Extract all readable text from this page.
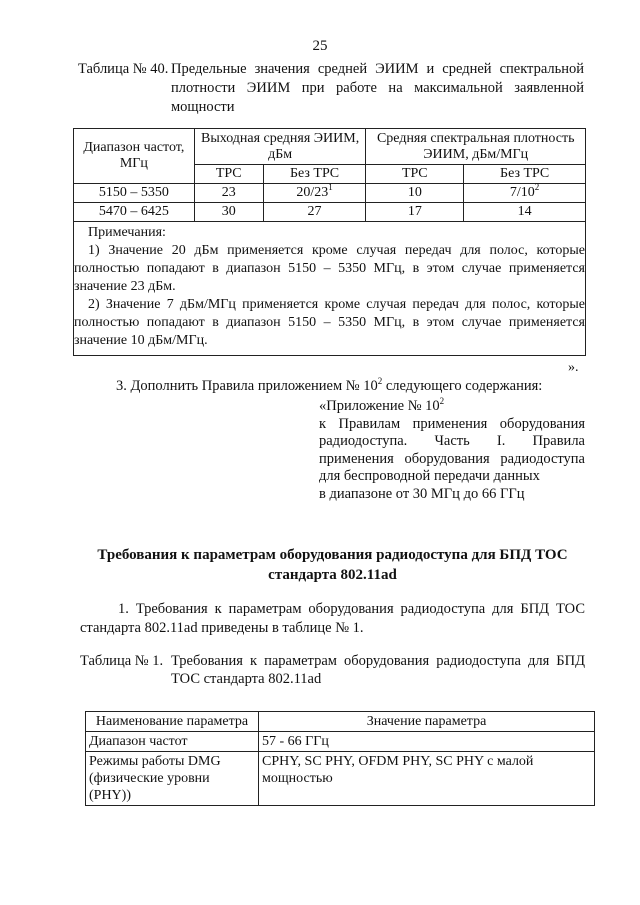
25
Таблица № 40. Предельные значения средней ЭИИМ и средней спектральной плотности ЭИИМ при работе на максимальной заявленной мощности
Диапазон частот, МГц	Выходная средняя ЭИИМ, дБм		Средняя спектральная плотность ЭИИМ, дБм/МГц	
	TPC	Без TPC	TPC	Без TPC
5150 – 5350	23	$20/23^1$	10	$7/10^2$
5470 – 6425	30	27	17	14
Примечания:

1) Значение 20 дБм применяется кроме случая передач для полос, которые полностью попадают в диапазон 5150 – 5350 МГц, в этом случае применяется значение 23 дБм.

2) Значение 7 дБм/МГц применяется кроме случая передач для полос, которые полностью попадают в диапазон 5150 – 5350 МГц, в этом случае применяется значение 10 дБм/МГц.

».
3. Дополнить Правила приложением № $10^2$ следующего содержания:
«Приложение № $10^2$

к Правилам применения оборудования радиодоступа. Часть I. Правила применения оборудования радиодоступа для беспроводной передачи данных

в диапазоне от 30 МГц до 66 ГГц

Требования к параметрам оборудования радиодоступа для БПД ТОС стандарта 802.11ad
1. Требования к параметрам оборудования радиодоступа для БПД ТОС стандарта 802.11ad приведены в таблице № 1.
Таблица № 1. Требования к параметрам оборудования радиодоступа для БПД ТОС стандарта 802.11ad
Наименование параметра	Значение параметра
Диапазон частот	57 - 66 ГГц
Режимы работы DMG (физические уровни (PHY))	CPHY, SC PHY, OFDM PHY, SC PHY с малой мощностью
